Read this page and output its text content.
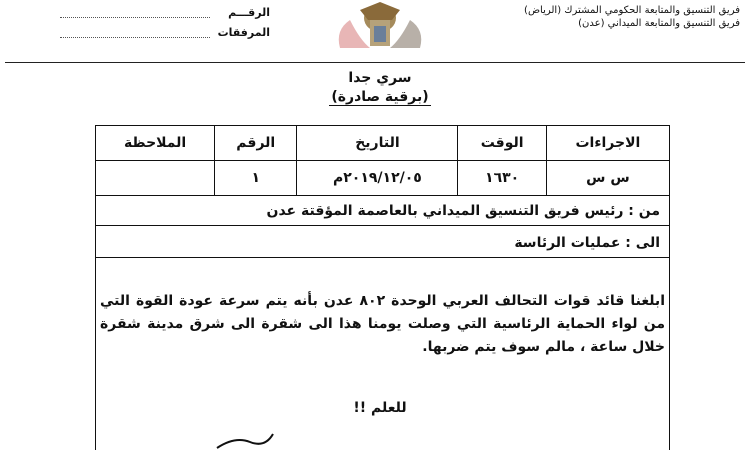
فريق التنسيق والمتابعة الحكومي المشترك (الرياض)
فريق التنسيق والمتابعة الميداني (عدن)
الرقـــم
المرفقات
سري جدا
(برقية صادرة)
الاجراءات	الوقت	التاريخ	الرقم	الملاحظة
س س	١٦٣٠	٢٠١٩/١٢/٠٥م	١	
من : رئيس فريق التنسيق الميداني بالعاصمة المؤقتة عدن
الى : عمليات الرئاسة
ابلغنا قائد قوات التحالف العربي الوحدة ٨٠٢ عدن بأنه يتم سرعة عودة القوة التي من لواء الحماية الرئاسية التي وصلت يومنا هذا الى شقرة الى شرق مدينة شقرة خلال ساعة ، مالم سوف يتم ضربها.
للعلم !!
